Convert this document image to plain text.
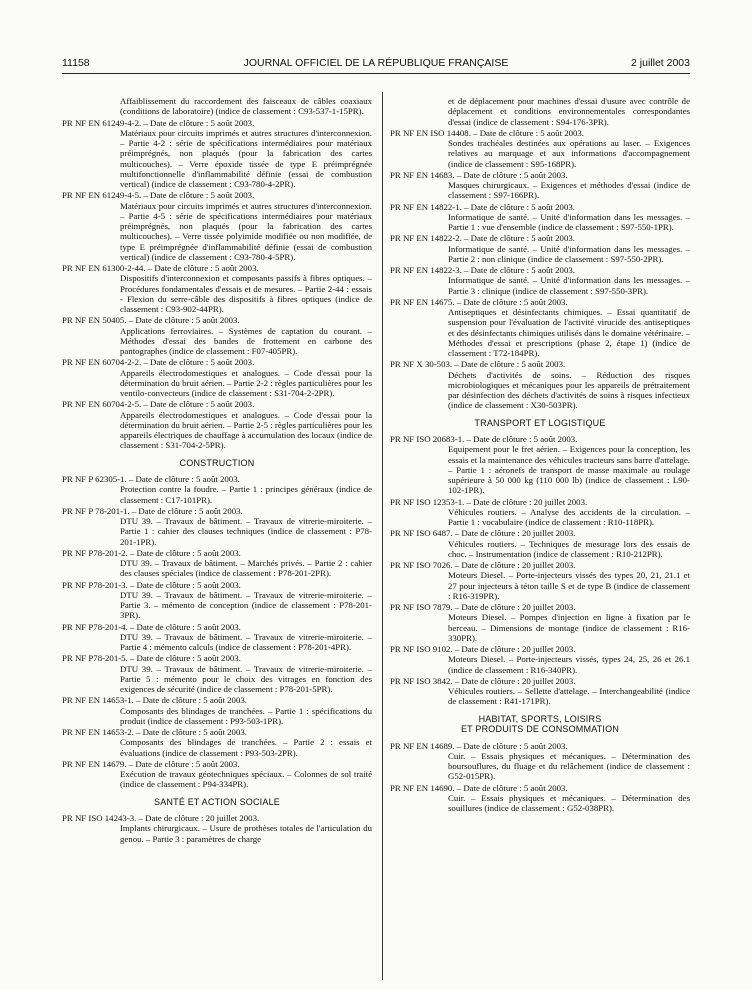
11158	JOURNAL OFFICIEL DE LA RÉPUBLIQUE FRANÇAISE	2 juillet 2003
Affaiblissement du raccordement des faisceaux de câbles coaxiaux (conditions de laboratoire) (indice de classement : C93-537-1-15PR).
PR NF EN 61249-4-2. – Date de clôture : 5 août 2003.
Matériaux pour circuits imprimés et autres structures d'interconnexion. – Partie 4-2 : série de spécifications intermédiaires pour matériaux préimprégnés, non plaqués (pour la fabrication des cartes multicouches). – Verre époxide tissée de type E préimprégnée multifonctionnelle d'inflammabilité définie (essai de combustion vertical) (indice de classement : C93-780-4-2PR).
PR NF EN 61249-4-5. – Date de clôture : 5 août 2003.
Matériaux pour circuits imprimés et autres structures d'interconnexion. – Partie 4-5 : série de spécifications intermédiaires pour matériaux préimprégnés, non plaqués (pour la fabrication des cartes multicouches). – Verre tissée polyimide modifiée ou non modifiée, de type E préimprégnée d'inflammabilité définie (essai de combustion vertical) (indice de classement : C93-780-4-5PR).
PR NF EN 61300-2-44. – Date de clôture : 5 août 2003.
Dispositifs d'interconnexion et composants passifs à fibres optiques. – Procédures fondamentales d'essais et de mesures. – Partie 2-44 : essais - Flexion du serre-câble des dispositifs à fibres optiques (indice de classement : C93-902-44PR).
PR NF EN 50405. – Date de clôture : 5 août 2003.
Applications ferroviaires. – Systèmes de captation du courant. – Méthodes d'essai des bandes de frottement en carbone des pantographes (indice de classement : F07-405PR).
PR NF EN 60704-2-2. – Date de clôture : 5 août 2003.
Appareils électrodomestiques et analogues. – Code d'essai pour la détermination du bruit aérien. – Partie 2-2 : règles particulières pour les ventilo-convecteurs (indice de classement : S31-704-2-2PR).
PR NF EN 60704-2-5. – Date de clôture : 5 août 2003.
Appareils électrodomestiques et analogues. – Code d'essai pour la détermination du bruit aérien. – Partie 2-5 : règles particulières pour les appareils électriques de chauffage à accumulation des locaux (indice de classement : S31-704-2-5PR).
CONSTRUCTION
PR NF P 62305-1. – Date de clôture : 5 août 2003.
Protection contre la foudre. – Partie 1 : principes généraux (indice de classement : C17-101PR).
PR NF P 78-201-1. – Date de clôture : 5 août 2003.
DTU 39. – Travaux de bâtiment. – Travaux de vitrerie-miroiterie. – Partie 1 : cahier des clauses techniques (indice de classement : P78-201-1PR).
PR NF P78-201-2. – Date de clôture : 5 août 2003.
DTU 39. – Travaux de bâtiment. – Marchés privés. – Partie 2 : cahier des clauses spéciales (indice de classement : P78-201-2PR).
PR NF P78-201-3. – Date de clôture : 5 août 2003.
DTU 39. – Travaux de bâtiment. – Travaux de vitrerie-miroiterie. – Partie 3. – mémento de conception (indice de classement : P78-201-3PR).
PR NF P78-201-4. – Date de clôture : 5 août 2003.
DTU 39. – Travaux de bâtiment. – Travaux de vitrerie-miroiterie. – Partie 4 : mémento calculs (indice de classement : P78-201-4PR).
PR NF P78-201-5. – Date de clôture : 5 août 2003.
DTU 39. – Travaux de bâtiment. – Travaux de vitrerie-miroiterie. – Partie 5 : mémento pour le choix des vitrages en fonction des exigences de sécurité (indice de classement : P78-201-5PR).
PR NF EN 14653-1. – Date de clôture : 5 août 2003.
Composants des blindages de tranchées. – Partie 1 : spécifications du produit (indice de classement : P93-503-1PR).
PR NF EN 14653-2. – Date de clôture : 5 août 2003.
Composants des blindages de tranchées. – Partie 2 : essais et évaluations (indice de classement : P93-503-2PR).
PR NF EN 14679. – Date de clôture : 5 août 2003.
Exécution de travaux géotechniques spéciaux. – Colonnes de sol traité (indice de classement : P94-334PR).
SANTÉ ET ACTION SOCIALE
PR NF ISO 14243-3. – Date de clôture : 20 juillet 2003.
Implants chirurgicaux. – Usure de prothèses totales de l'articulation du genou. – Partie 3 : paramètres de charge
et de déplacement pour machines d'essai d'usure avec contrôle de déplacement et conditions environnementales correspondantes d'essai (indice de classement : S94-176-3PR).
PR NF EN ISO 14408. – Date de clôture : 5 août 2003.
Sondes trachéales destinées aux opérations au laser. – Exigences relatives au marquage et aux informations d'accompagnement (indice de classement : S95-168PR).
PR NF EN 14683. – Date de clôture : 5 août 2003.
Masques chirurgicaux. – Exigences et méthodes d'essai (indice de classement : S97-166PR).
PR NF EN 14822-1. – Date de clôture : 5 août 2003.
Informatique de santé. – Unité d'information dans les messages. – Partie 1 : vue d'ensemble (indice de classement : S97-550-1PR).
PR NF EN 14822-2. – Date de clôture : 5 août 2003.
Informatique de santé. – Unité d'information dans les messages. – Partie 2 : non clinique (indice de classement : S97-550-2PR).
PR NF EN 14822-3. – Date de clôture : 5 août 2003.
Informatique de santé. – Unité d'information dans les messages. – Partie 3 : clinique (indice de classement : S97-550-3PR).
PR NF EN 14675. – Date de clôture : 5 août 2003.
Antiseptiques et désinfectants chimiques. – Essai quantitatif de suspension pour l'évaluation de l'activité virucide des antiseptiques et des désinfectants chimiques utilisés dans le domaine vétérinaire. – Méthodes d'essai et prescriptions (phase 2, étape 1) (indice de classement : T72-184PR).
PR NF X 30-503. – Date de clôture : 5 août 2003.
Déchets d'activités de soins. – Réduction des risques microbiologiques et mécaniques pour les appareils de prétraitement par désinfection des déchets d'activités de soins à risques infectieux (indice de classement : X30-503PR).
TRANSPORT ET LOGISTIQUE
PR NF ISO 20683-1. – Date de clôture : 5 août 2003.
Equipement pour le fret aérien. – Exigences pour la conception, les essais et la maintenance des véhicules tracteurs sans barre d'attelage. – Partie 1 : aéronefs de transport de masse maximale au roulage supérieure à 50 000 kg (110 000 lb) (indice de classement : L90-102-1PR).
PR NF ISO 12353-1. – Date de clôture : 20 juillet 2003.
Véhicules routiers. – Analyse des accidents de la circulation. – Partie 1 : vocabulaire (indice de classement : R10-118PR).
PR NF ISO 6487. – Date de clôture : 20 juillet 2003.
Véhicules routiers. – Techniques de mesurage lors des essais de choc. – Instrumentation (indice de classement : R10-212PR).
PR NF ISO 7026. – Date de clôture : 20 juillet 2003.
Moteurs Diesel. – Porte-injecteurs vissés des types 20, 21, 21.1 et 27 pour injecteurs à téton taille S et de type B (indice de classement : R16-319PR).
PR NF ISO 7879. – Date de clôture : 20 juillet 2003.
Moteurs Diesel. – Pompes d'injection en ligne à fixation par le berceau. – Dimensions de montage (indice de classement : R16-330PR).
PR NF ISO 9102. – Date de clôture : 20 juillet 2003.
Moteurs Diesel. – Porte-injecteurs vissés, types 24, 25, 26 et 26.1 (indice de classement : R16-340PR).
PR NF ISO 3842. – Date de clôture : 20 juillet 2003.
Véhicules routiers. – Sellette d'attelage. – Interchangeabilité (indice de classement : R41-171PR).
HABITAT, SPORTS, LOISIRS
ET PRODUITS DE CONSOMMATION
PR NF EN 14689. – Date de clôture : 5 août 2003.
Cuir. – Essais physiques et mécaniques. – Détermination des boursouflures, du fluage et du relâchement (indice de classement : G52-015PR).
PR NF EN 14690. – Date de clôture : 5 août 2003.
Cuir. – Essais physiques et mécaniques. – Détermination des souillures (indice de classement : G52-038PR).
